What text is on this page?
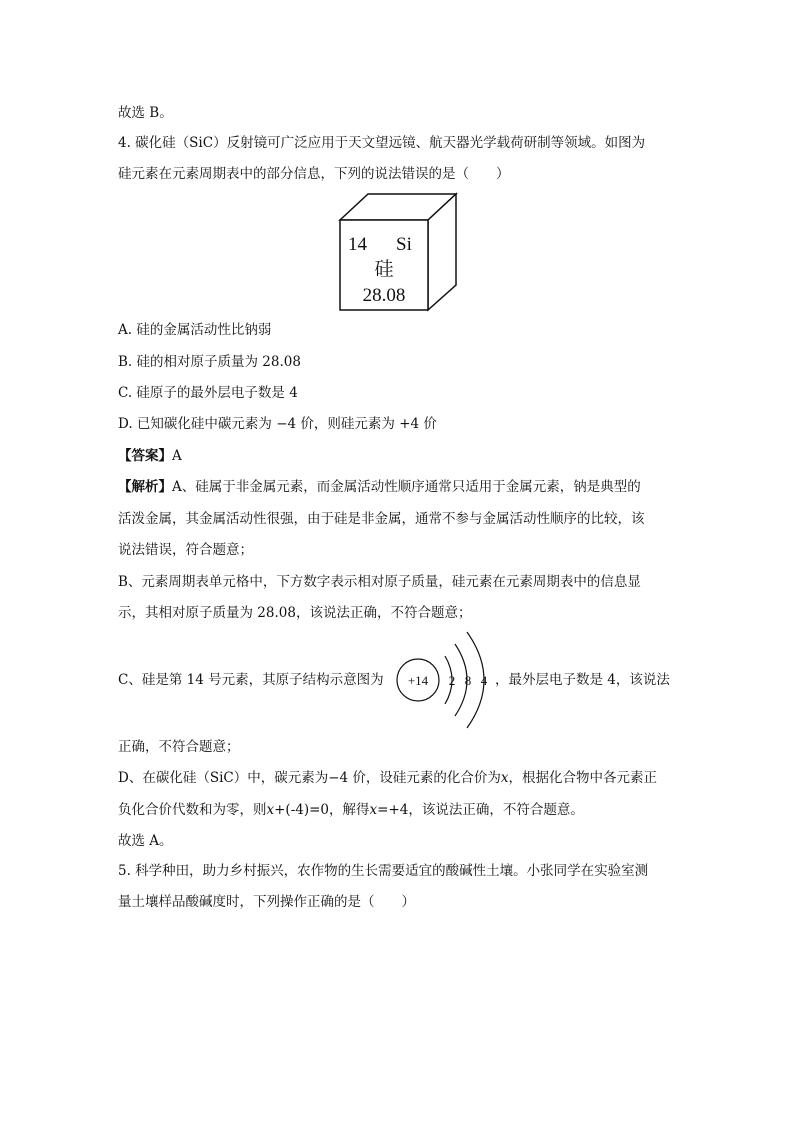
故选 B。
4. 碳化硅（SiC）反射镜可广泛应用于天文望远镜、航天器光学载荷研制等领域。如图为
硅元素在元素周期表中的部分信息，下列的说法错误的是（　　）
14 Si
硅
28.08
A. 硅的金属活动性比钠弱
B. 硅的相对原子质量为 28.08
C. 硅原子的最外层电子数是 4
D. 已知碳化硅中碳元素为 −4 价，则硅元素为 +4 价
【答案】A
【解析】A、硅属于非金属元素，而金属活动性顺序通常只适用于金属元素，钠是典型的
活泼金属，其金属活动性很强，由于硅是非金属，通常不参与金属活动性顺序的比较，该
说法错误，符合题意；
B、元素周期表单元格中，下方数字表示相对原子质量，硅元素在元素周期表中的信息显
示，其相对原子质量为 28.08，该说法正确，不符合题意；
C、硅是第 14 号元素，其原子结构示意图为 +14 2 8 4 ，最外层电子数是 4，该说法
正确，不符合题意；
D、在碳化硅（SiC）中，碳元素为−4 价，设硅元素的化合价为x，根据化合物中各元素正
负化合价代数和为零，则x+(-4)=0，解得x=+4，该说法正确，不符合题意。
故选 A。
5. 科学种田，助力乡村振兴，农作物的生长需要适宜的酸碱性土壤。小张同学在实验室测
量土壤样品酸碱度时，下列操作正确的是（　　）
